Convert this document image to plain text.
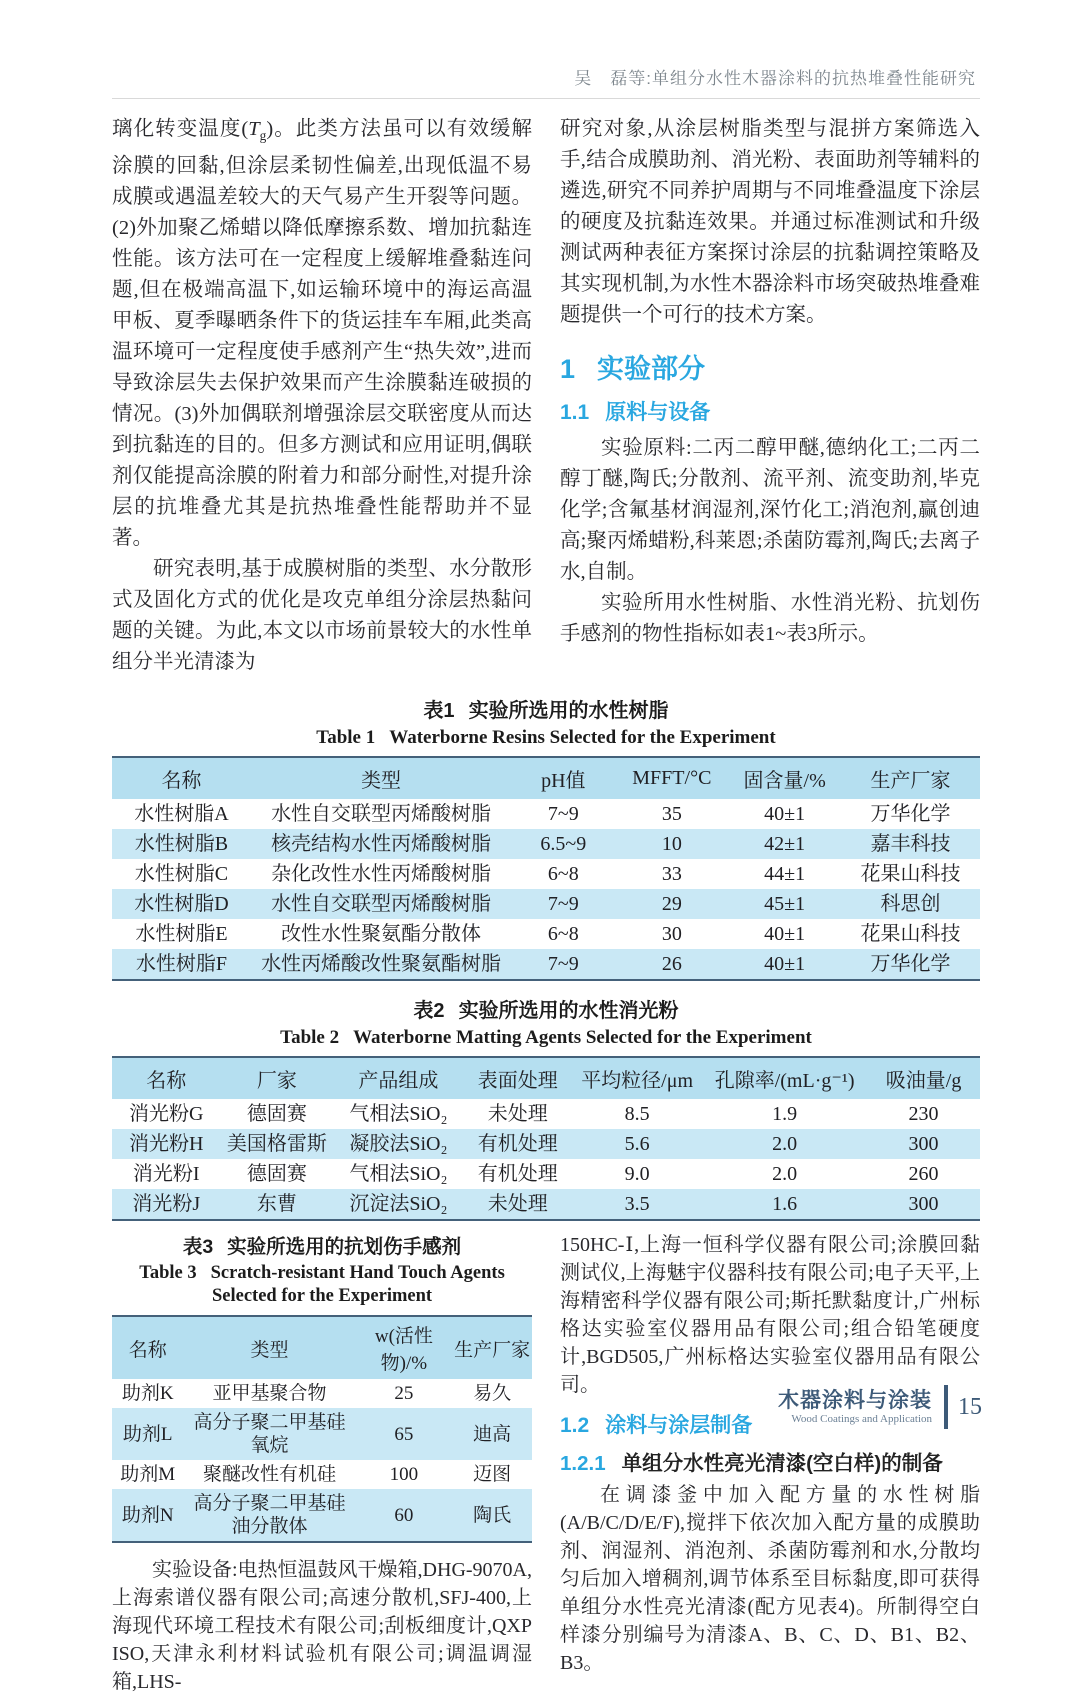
吴　磊等:单组分水性木器涂料的抗热堆叠性能研究

璃化转变温度$(T_g)$。此类方法虽可以有效缓解涂膜的回黏,但涂层柔韧性偏差,出现低温不易成膜或遇温差较大的天气易产生开裂等问题。(2)外加聚乙烯蜡以降低摩擦系数、增加抗黏连性能。该方法可在一定程度上缓解堆叠黏连问题,但在极端高温下,如运输环境中的海运高温甲板、夏季曝晒条件下的货运挂车车厢,此类高温环境可一定程度使手感剂产生“热失效”,进而导致涂层失去保护效果而产生涂膜黏连破损的情况。(3)外加偶联剂增强涂层交联密度从而达到抗黏连的目的。但多方测试和应用证明,偶联剂仅能提高涂膜的附着力和部分耐性,对提升涂层的抗堆叠尤其是抗热堆叠性能帮助并不显著。

研究表明,基于成膜树脂的类型、水分散形式及固化方式的优化是攻克单组分涂层热黏问题的关键。为此,本文以市场前景较大的水性单组分半光清漆为

研究对象,从涂层树脂类型与混拼方案筛选入手,结合成膜助剂、消光粉、表面助剂等辅料的遴选,研究不同养护周期与不同堆叠温度下涂层的硬度及抗黏连效果。并通过标准测试和升级测试两种表征方案探讨涂层的抗黏调控策略及其实现机制,为水性木器涂料市场突破热堆叠难题提供一个可行的技术方案。

1 实验部分
1.1 原料与设备

实验原料:二丙二醇甲醚,德纳化工;二丙二醇丁醚,陶氏;分散剂、流平剂、流变助剂,毕克化学;含氟基材润湿剂,深竹化工;消泡剂,赢创迪高;聚丙烯蜡粉,科莱恩;杀菌防霉剂,陶氏;去离子水,自制。

实验所用水性树脂、水性消光粉、抗划伤手感剂的物性指标如表1~表3所示。

表1 实验所选用的水性树脂
Table 1 Waterborne Resins Selected for the Experiment
名称	类型	pH值	MFFT/°C	固含量/%	生产厂家
水性树脂A	水性自交联型丙烯酸树脂	7~9	35	40±1	万华化学
水性树脂B	核壳结构水性丙烯酸树脂	6.5~9	10	42±1	嘉丰科技
水性树脂C	杂化改性水性丙烯酸树脂	6~8	33	44±1	花果山科技
水性树脂D	水性自交联型丙烯酸树脂	7~9	29	45±1	科思创
水性树脂E	改性水性聚氨酯分散体	6~8	30	40±1	花果山科技
水性树脂F	水性丙烯酸改性聚氨酯树脂	7~9	26	40±1	万华化学
表2 实验所选用的水性消光粉
Table 2 Waterborne Matting Agents Selected for the Experiment
名称	厂家	产品组成	表面处理	平均粒径/μm	孔隙率/(mL·g⁻¹)	吸油量/g
消光粉G	德固赛	气相法SiO₂	未处理	8.5	1.9	230
消光粉H	美国格雷斯	凝胶法SiO₂	有机处理	5.6	2.0	300
消光粉I	德固赛	气相法SiO₂	有机处理	9.0	2.0	260
消光粉J	东曹	沉淀法SiO₂	未处理	3.5	1.6	300
表3 实验所选用的抗划伤手感剂
Table 3 Scratch-resistant Hand Touch Agents Selected for the Experiment
名称	类型	w(活性物)/%	生产厂家
助剂K	亚甲基聚合物	25	易久
助剂L	高分子聚二甲基硅氧烷	65	迪高
助剂M	聚醚改性有机硅	100	迈图
助剂N	高分子聚二甲基硅油分散体	60	陶氏

实验设备:电热恒温鼓风干燥箱,DHG-9070A,上海索谱仪器有限公司;高速分散机,SFJ-400,上海现代环境工程技术有限公司;刮板细度计,QXP ISO,天津永利材料试验机有限公司;调温调湿箱,LHS-

150HC-Ⅰ,上海一恒科学仪器有限公司;涂膜回黏测试仪,上海魅宇仪器科技有限公司;电子天平,上海精密科学仪器有限公司;斯托默黏度计,广州标格达实验室仪器用品有限公司;组合铅笔硬度计,BGD505,广州标格达实验室仪器用品有限公司。

1.2 涂料与涂层制备
1.2.1 单组分水性亮光清漆(空白样)的制备

在调漆釜中加入配方量的水性树脂(A/B/C/D/E/F),搅拌下依次加入配方量的成膜助剂、润湿剂、消泡剂、杀菌防霉剂和水,分散均匀后加入增稠剂,调节体系至目标黏度,即可获得单组分水性亮光清漆(配方见表4)。所制得空白样漆分别编号为清漆A、B、C、D、B1、B2、B3。

木器涂料与涂装
Wood Coatings and Application 15
